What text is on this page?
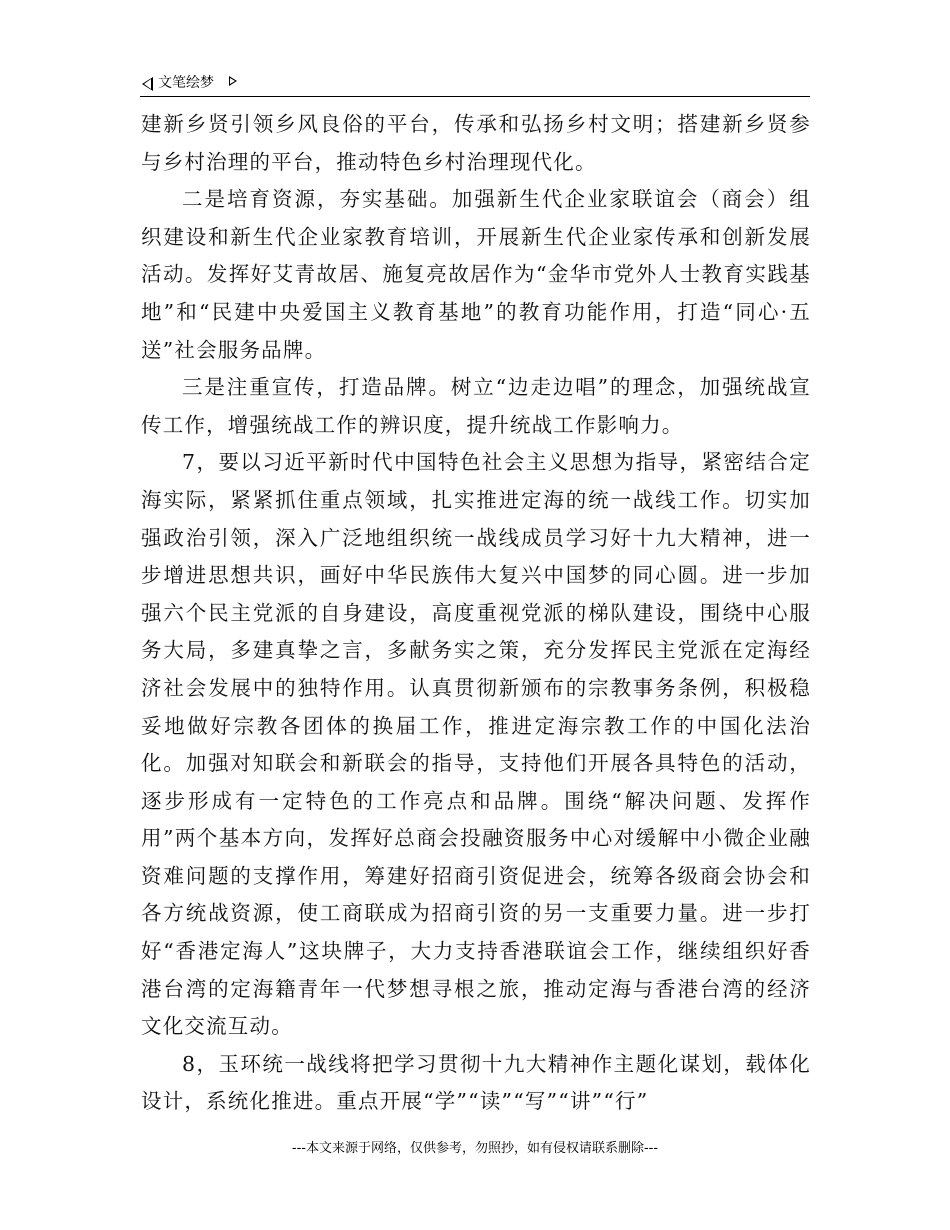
文笔绘梦

建新乡贤引领乡风良俗的平台，传承和弘扬乡村文明；搭建新乡贤参与乡村治理的平台，推动特色乡村治理现代化。

二是培育资源，夯实基础。加强新生代企业家联谊会（商会）组织建设和新生代企业家教育培训，开展新生代企业家传承和创新发展活动。发挥好艾青故居、施复亮故居作为“金华市党外人士教育实践基地”和“民建中央爱国主义教育基地”的教育功能作用，打造“同心·五送”社会服务品牌。

三是注重宣传，打造品牌。树立“边走边唱”的理念，加强统战宣传工作，增强统战工作的辨识度，提升统战工作影响力。

7，要以习近平新时代中国特色社会主义思想为指导，紧密结合定海实际，紧紧抓住重点领域，扎实推进定海的统一战线工作。切实加强政治引领，深入广泛地组织统一战线成员学习好十九大精神，进一步增进思想共识，画好中华民族伟大复兴中国梦的同心圆。进一步加强六个民主党派的自身建设，高度重视党派的梯队建设，围绕中心服务大局，多建真挚之言，多献务实之策，充分发挥民主党派在定海经济社会发展中的独特作用。认真贯彻新颁布的宗教事务条例，积极稳妥地做好宗教各团体的换届工作，推进定海宗教工作的中国化法治化。加强对知联会和新联会的指导，支持他们开展各具特色的活动，逐步形成有一定特色的工作亮点和品牌。围绕“解决问题、发挥作用”两个基本方向，发挥好总商会投融资服务中心对缓解中小微企业融资难问题的支撑作用，筹建好招商引资促进会，统筹各级商会协会和各方统战资源，使工商联成为招商引资的另一支重要力量。进一步打好“香港定海人”这块牌子，大力支持香港联谊会工作，继续组织好香港台湾的定海籍青年一代梦想寻根之旅，推动定海与香港台湾的经济文化交流互动。

8，玉环统一战线将把学习贯彻十九大精神作主题化谋划，载体化设计，系统化推进。重点开展“学”“读”“写”“讲”“行”

---本文来源于网络，仅供参考，勿照抄，如有侵权请联系删除---
